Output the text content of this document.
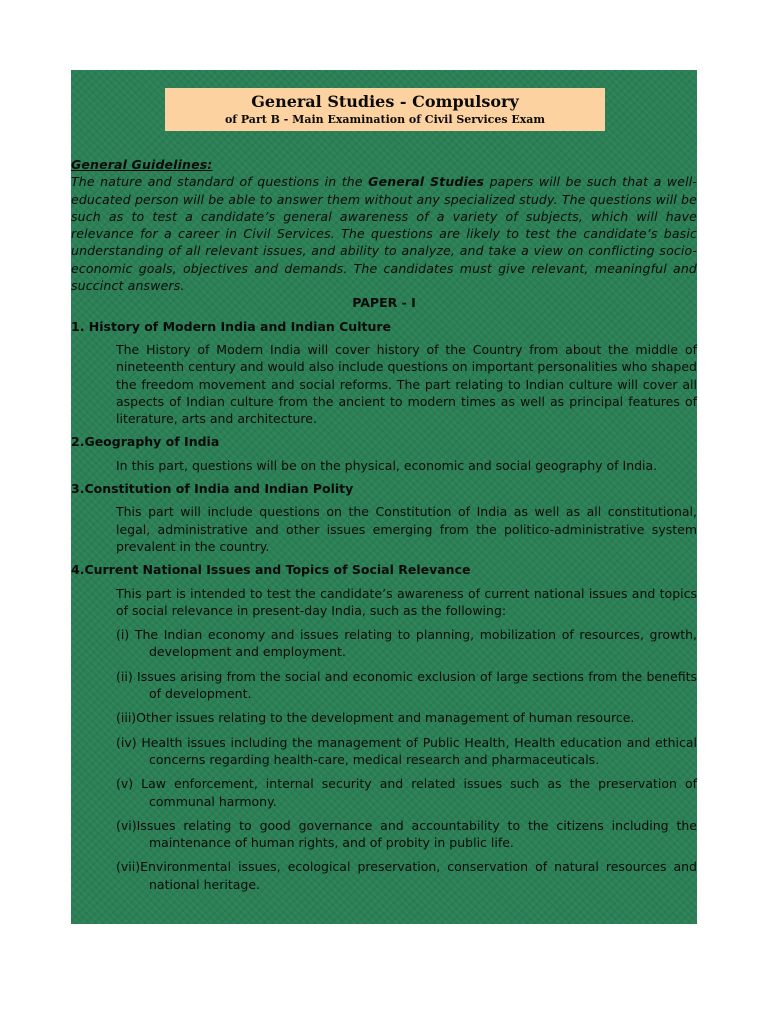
General Studies - Compulsory
of Part B - Main Examination of Civil Services Exam
General Guidelines:
The nature and standard of questions in the General Studies papers will be such that a well-educated person will be able to answer them without any specialized study. The questions will be such as to test a candidate’s general awareness of a variety of subjects, which will have relevance for a career in Civil Services. The questions are likely to test the candidate’s basic understanding of all relevant issues, and ability to analyze, and take a view on conflicting socio-economic goals, objectives and demands. The candidates must give relevant, meaningful and succinct answers.
PAPER - I
1. History of Modern India and Indian Culture
The History of Modern India will cover history of the Country from about the middle of nineteenth century and would also include questions on important personalities who shaped the freedom movement and social reforms. The part relating to Indian culture will cover all aspects of Indian culture from the ancient to modern times as well as principal features of literature, arts and architecture.
2.Geography of India
In this part, questions will be on the physical, economic and social geography of India.
3.Constitution of India and Indian Polity
This part will include questions on the Constitution of India as well as all constitutional, legal, administrative and other issues emerging from the politico-administrative system prevalent in the country.
4.Current National Issues and Topics of Social Relevance
This part is intended to test the candidate’s awareness of current national issues and topics of social relevance in present-day India, such as the following:
(i) The Indian economy and issues relating to planning, mobilization of resources, growth, development and employment.
(ii) Issues arising from the social and economic exclusion of large sections from the benefits of development.
(iii)Other issues relating to the development and management of human resource.
(iv) Health issues including the management of Public Health, Health education and ethical concerns regarding health-care, medical research and pharmaceuticals.
(v) Law enforcement, internal security and related issues such as the preservation of communal harmony.
(vi)Issues relating to good governance and accountability to the citizens including the maintenance of human rights, and of probity in public life.
(vii)Environmental issues, ecological preservation, conservation of natural resources and national heritage.
